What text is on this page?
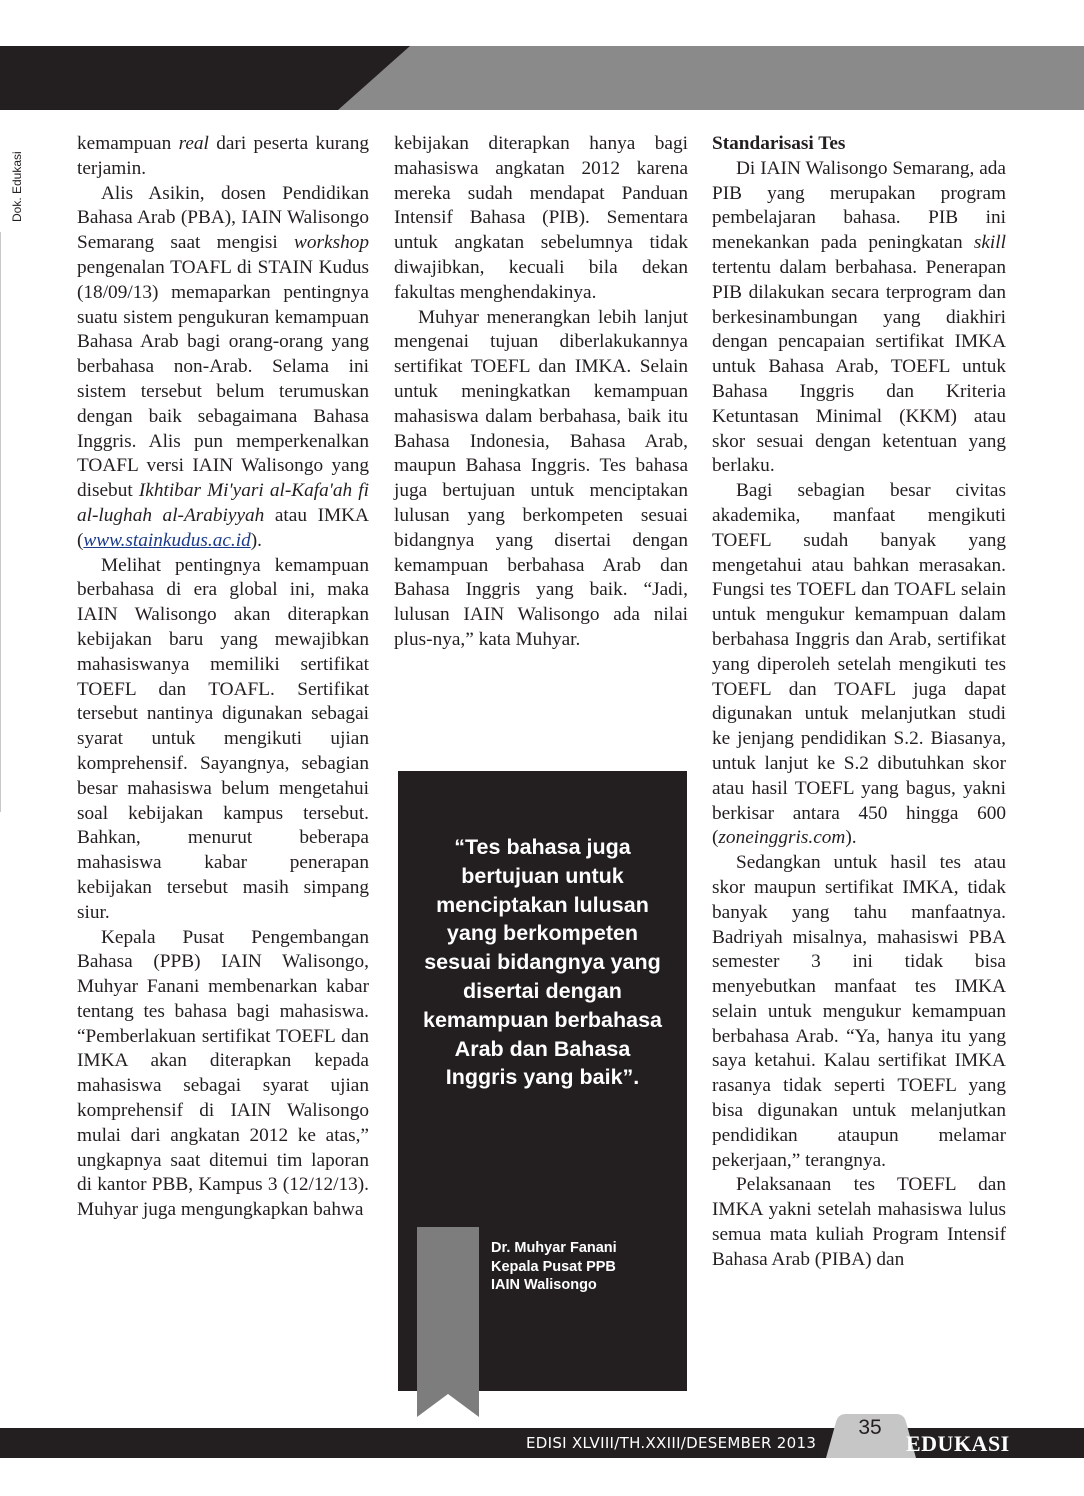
Dok. Edukasi

kemampuan real dari peserta kurang terjamin.

Alis Asikin, dosen Pendidikan Bahasa Arab (PBA), IAIN Walisongo Semarang saat mengisi workshop pengenalan TOAFL di STAIN Kudus (18/09/13) memaparkan pentingnya suatu sistem pengukuran kemampuan Bahasa Arab bagi orang-orang yang berbahasa non-Arab. Selama ini sistem tersebut belum terumuskan dengan baik sebagaimana Bahasa Inggris. Alis pun memperkenalkan TOAFL versi IAIN Walisongo yang disebut Ikhtibar Mi'yari al-Kafa'ah fi al-lughah al-Arabiyyah atau IMKA (www.stainkudus.ac.id).

Melihat pentingnya kemampuan berbahasa di era global ini, maka IAIN Walisongo akan diterapkan kebijakan baru yang mewajibkan mahasiswanya memiliki sertifikat TOEFL dan TOAFL. Sertifikat tersebut nantinya digunakan sebagai syarat untuk mengikuti ujian komprehensif. Sayangnya, sebagian besar mahasiswa belum mengetahui soal kebijakan kampus tersebut. Bahkan, menurut beberapa mahasiswa kabar penerapan kebijakan tersebut masih simpang siur.

Kepala Pusat Pengembangan Bahasa (PPB) IAIN Walisongo, Muhyar Fanani membenarkan kabar tentang tes bahasa bagi mahasiswa. “Pemberlakuan sertifikat TOEFL dan IMKA akan diterapkan kepada mahasiswa sebagai syarat ujian komprehensif di IAIN Walisongo mulai dari angkatan 2012 ke atas,” ungkapnya saat ditemui tim laporan di kantor PBB, Kampus 3 (12/12/13). Muhyar juga mengungkapkan bahwa

kebijakan diterapkan hanya bagi mahasiswa angkatan 2012 karena mereka sudah mendapat Panduan Intensif Bahasa (PIB). Sementara untuk angkatan sebelumnya tidak diwajibkan, kecuali bila dekan fakultas menghendakinya.

Muhyar menerangkan lebih lanjut mengenai tujuan diberlakukannya sertifikat TOEFL dan IMKA. Selain untuk meningkatkan kemampuan mahasiswa dalam berbahasa, baik itu Bahasa Indonesia, Bahasa Arab, maupun Bahasa Inggris. Tes bahasa juga bertujuan untuk menciptakan lulusan yang berkompeten sesuai bidangnya yang disertai dengan kemampuan berbahasa Arab dan Bahasa Inggris yang baik. “Jadi, lulusan IAIN Walisongo ada nilai plus-nya,” kata Muhyar.

“Tes bahasa juga bertujuan untuk menciptakan lulusan yang berkompeten sesuai bidangnya yang disertai dengan kemampuan berbahasa Arab dan Bahasa Inggris yang baik”.
Dr. Muhyar Fanani
Kepala Pusat PPB
IAIN Walisongo

Standarisasi Tes

Di IAIN Walisongo Semarang, ada PIB yang merupakan program pembelajaran bahasa. PIB ini menekankan pada peningkatan skill tertentu dalam berbahasa. Penerapan PIB dilakukan secara terprogram dan berkesinambungan yang diakhiri dengan pencapaian sertifikat IMKA untuk Bahasa Arab, TOEFL untuk Bahasa Inggris dan Kriteria Ketuntasan Minimal (KKM) atau skor sesuai dengan ketentuan yang berlaku.

Bagi sebagian besar civitas akademika, manfaat mengikuti TOEFL sudah banyak yang mengetahui atau bahkan merasakan. Fungsi tes TOEFL dan TOAFL selain untuk mengukur kemampuan dalam berbahasa Inggris dan Arab, sertifikat yang diperoleh setelah mengikuti tes TOEFL dan TOAFL juga dapat digunakan untuk melanjutkan studi ke jenjang pendidikan S.2. Biasanya, untuk lanjut ke S.2 dibutuhkan skor atau hasil TOEFL yang bagus, yakni berkisar antara 450 hingga 600 (zoneinggris.com).

Sedangkan untuk hasil tes atau skor maupun sertifikat IMKA, tidak banyak yang tahu manfaatnya. Badriyah misalnya, mahasiswi PBA semester 3 ini tidak bisa menyebutkan manfaat tes IMKA selain untuk mengukur kemampuan berbahasa Arab. “Ya, hanya itu yang saya ketahui. Kalau sertifikat IMKA rasanya tidak seperti TOEFL yang bisa digunakan untuk melanjutkan pendidikan ataupun melamar pekerjaan,” terangnya.

Pelaksanaan tes TOEFL dan IMKA yakni setelah mahasiswa lulus semua mata kuliah Program Intensif Bahasa Arab (PIBA) dan

EDISI XLVIII/TH.XXIII/DESEMBER 2013
35
EDUKASI
